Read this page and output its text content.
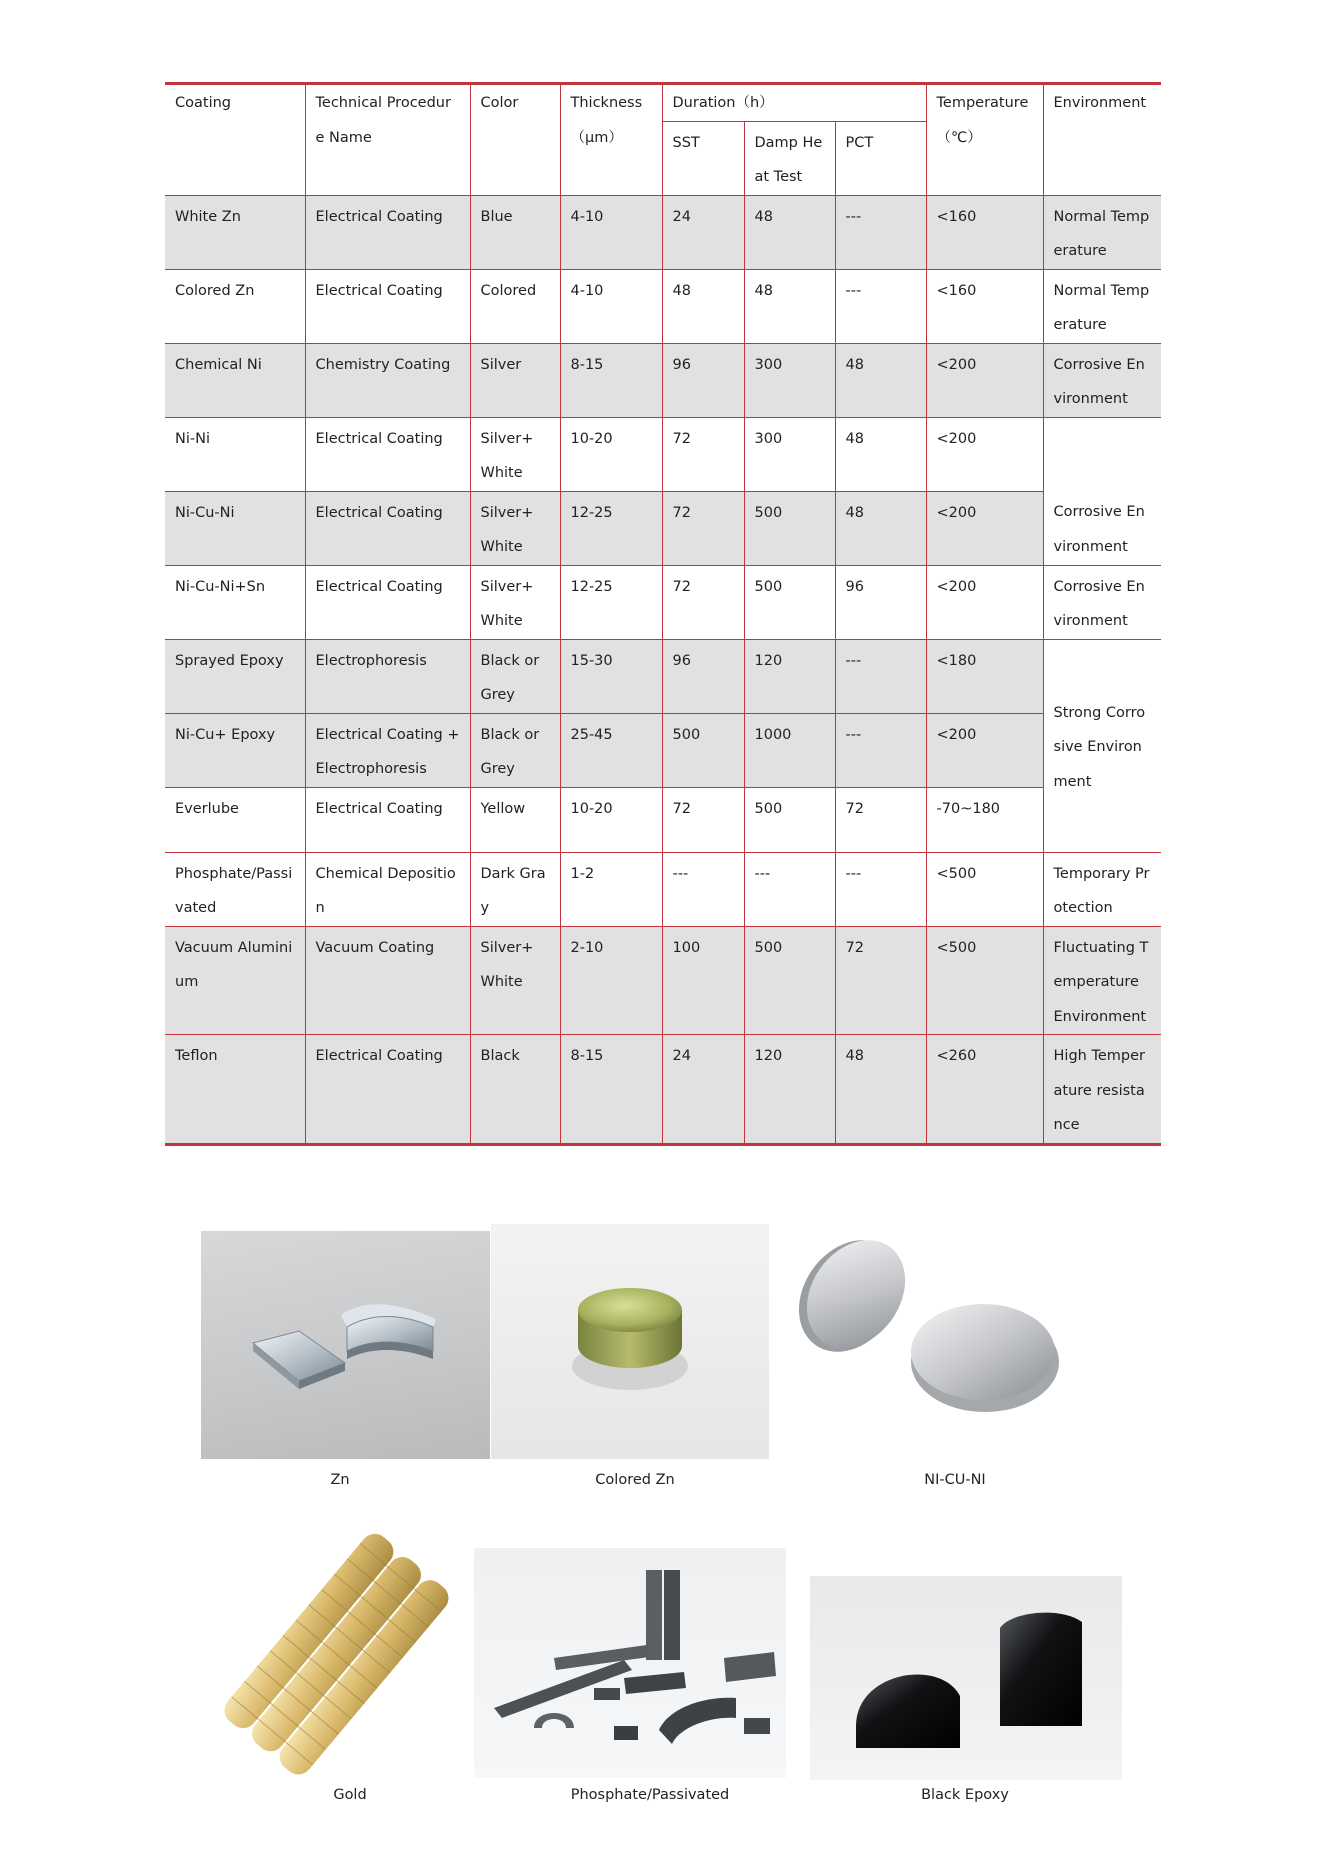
Coating	Technical Procedure Name	Color	Thickness （μm）	Duration（h）			Temperature （℃）	Environment
				SST	Damp Heat Test	PCT		
White Zn	Electrical Coating	Blue	4-10	24	48	---	<160	Normal Temperature
Colored Zn	Electrical Coating	Colored	4-10	48	48	---	<160	Normal Temperature
Chemical Ni	Chemistry Coating	Silver	8-15	96	300	48	<200	Corrosive Environment
Ni-Ni	Electrical Coating	Silver+ White	10-20	72	300	48	<200	
Ni-Cu-Ni	Electrical Coating	Silver+ White	12-25	72	500	48	<200	Corrosive Environment
Ni-Cu-Ni+Sn	Electrical Coating	Silver+ White	12-25	72	500	96	<200	Corrosive Environment
Sprayed Epoxy	Electrophoresis	Black or Grey	15-30	96	120	---	<180	Strong Corrosive Environment
Ni-Cu+ Epoxy	Electrical Coating +Electrophoresis	Black or Grey	25-45	500	1000	---	<200	
Everlube	Electrical Coating	Yellow	10-20	72	500	72	-70~180	
Phosphate/Passivated	Chemical Deposition	Dark Gray	1-2	---	---	---	<500	Temporary Protection
Vacuum Aluminium	Vacuum Coating	Silver+ White	2-10	100	500	72	<500	Fluctuating Temperature Environment
Teflon	Electrical Coating	Black	8-15	24	120	48	<260	High Temperature resistance
Zn	Colored Zn	NI-CU-NI
Gold	Phosphate/Passivated	Black Epoxy
